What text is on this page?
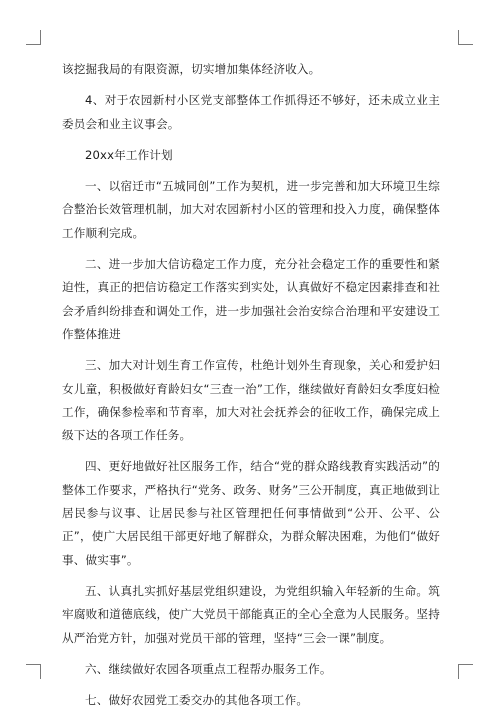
该挖掘我局的有限资源，切实增加集体经济收入。

4、对于农园新村小区党支部整体工作抓得还不够好，还未成立业主委员会和业主议事会。

20xx年工作计划

一、以宿迁市“五城同创”工作为契机，进一步完善和加大环境卫生综合整治长效管理机制，加大对农园新村小区的管理和投入力度，确保整体工作顺利完成。

二、进一步加大信访稳定工作力度，充分社会稳定工作的重要性和紧迫性，真正的把信访稳定工作落实到实处，认真做好不稳定因素排查和社会矛盾纠纷排查和调处工作，进一步加强社会治安综合治理和平安建设工作整体推进

三、加大对计划生育工作宣传，杜绝计划外生育现象，关心和爱护妇女儿童，积极做好育龄妇女“三查一治”工作，继续做好育龄妇女季度妇检工作，确保参检率和节育率，加大对社会抚养会的征收工作，确保完成上级下达的各项工作任务。

四、更好地做好社区服务工作，结合“党的群众路线教育实践活动”的整体工作要求，严格执行“党务、政务、财务”三公开制度，真正地做到让居民参与议事、让居民参与社区管理把任何事情做到“公开、公平、公正”，使广大居民组干部更好地了解群众，为群众解决困难，为他们“做好事、做实事”。

五、认真扎实抓好基层党组织建设，为党组织输入年轻新的生命。筑牢腐败和道德底线，使广大党员干部能真正的全心全意为人民服务。坚持从严治党方针，加强对党员干部的管理，坚持“三会一课”制度。

六、继续做好农园各项重点工程帮办服务工作。

七、做好农园党工委交办的其他各项工作。
